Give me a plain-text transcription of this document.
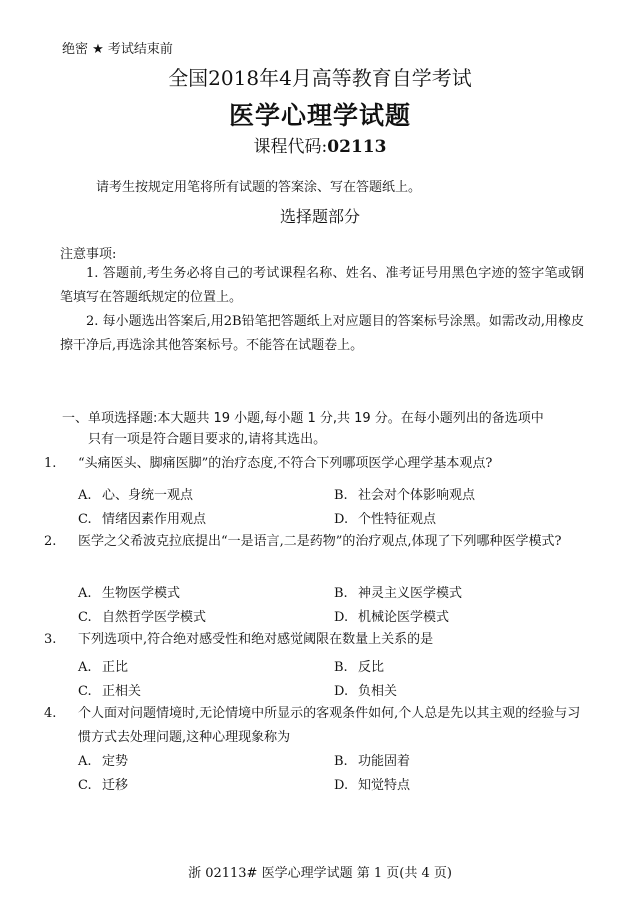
绝密 ★ 考试结束前
全国2018年4月高等教育自学考试
医学心理学试题
课程代码:02113
请考生按规定用笔将所有试题的答案涂、写在答题纸上。
选择题部分
注意事项:
1. 答题前,考生务必将自己的考试课程名称、姓名、准考证号用黑色字迹的签字笔或钢笔填写在答题纸规定的位置上。
2. 每小题选出答案后,用2B铅笔把答题纸上对应题目的答案标号涂黑。如需改动,用橡皮擦干净后,再选涂其他答案标号。不能答在试题卷上。
一、单项选择题:本大题共 19 小题,每小题 1 分,共 19 分。在每小题列出的备选项中
只有一项是符合题目要求的,请将其选出。
1. “头痛医头、脚痛医脚”的治疗态度,不符合下列哪项医学心理学基本观点?
A. 心、身统一观点	B. 社会对个体影响观点
C. 情绪因素作用观点	D. 个性特征观点
2. 医学之父希波克拉底提出“一是语言,二是药物”的治疗观点,体现了下列哪种医学模式?
A. 生物医学模式	B. 神灵主义医学模式
C. 自然哲学医学模式	D. 机械论医学模式
3. 下列选项中,符合绝对感受性和绝对感觉阈限在数量上关系的是
A. 正比	B. 反比
C. 正相关	D. 负相关
4. 个人面对问题情境时,无论情境中所显示的客观条件如何,个人总是先以其主观的经验与习惯方式去处理问题,这种心理现象称为
A. 定势	B. 功能固着
C. 迁移	D. 知觉特点
浙 02113# 医学心理学试题 第 1 页(共 4 页)
